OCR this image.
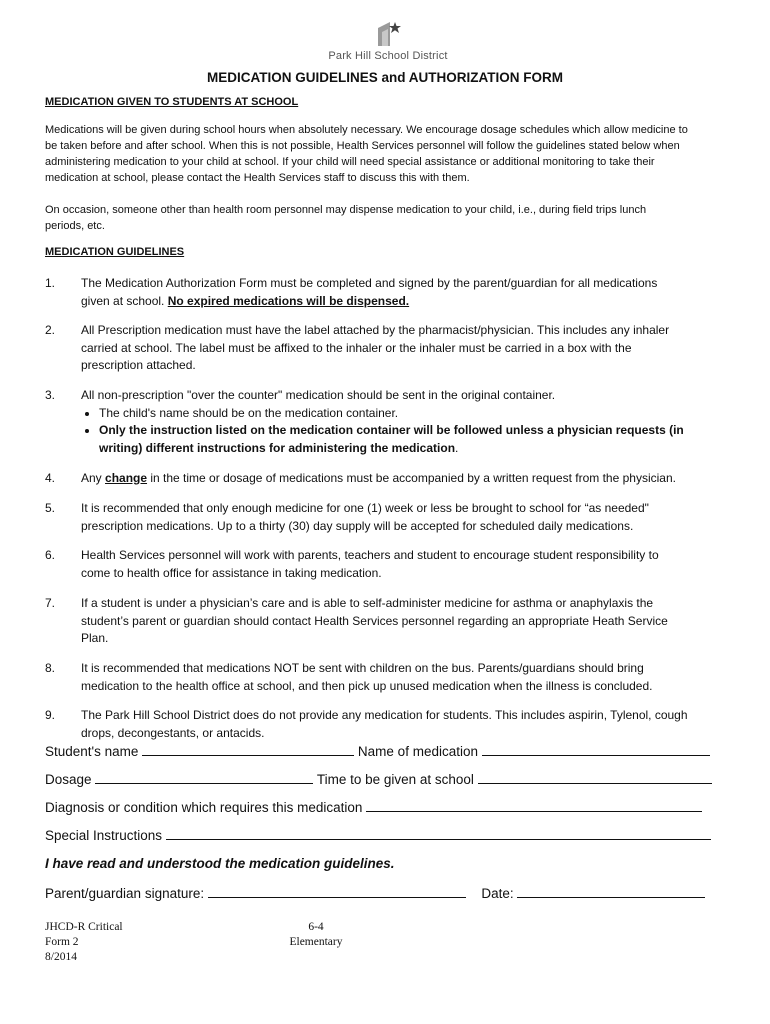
Park Hill School District
MEDICATION GUIDELINES and AUTHORIZATION FORM
MEDICATION GIVEN TO STUDENTS AT SCHOOL
Medications will be given during school hours when absolutely necessary. We encourage dosage schedules which allow medicine to
be taken before and after school. When this is not possible, Health Services personnel will follow the guidelines stated below when
administering medication to your child at school. If your child will need special assistance or additional monitoring to take their
medication at school, please contact the Health Services staff to discuss this with them.
On occasion, someone other than health room personnel may dispense medication to your child, i.e., during field trips lunch
periods, etc.
MEDICATION GUIDELINES
1. The Medication Authorization Form must be completed and signed by the parent/guardian for all medications
given at school. No expired medications will be dispensed.
2. All Prescription medication must have the label attached by the pharmacist/physician. This includes any inhaler
carried at school. The label must be affixed to the inhaler or the inhaler must be carried in a box with the
prescription attached.
3. All non-prescription "over the counter" medication should be sent in the original container.
• The child's name should be on the medication container.
• Only the instruction listed on the medication container will be followed unless a physician requests (in
writing) different instructions for administering the medication.
4. Any change in the time or dosage of medications must be accompanied by a written request from the physician.
5. It is recommended that only enough medicine for one (1) week or less be brought to school for “as needed"
prescription medications. Up to a thirty (30) day supply will be accepted for scheduled daily medications.
6. Health Services personnel will work with parents, teachers and student to encourage student responsibility to
come to health office for assistance in taking medication.
7. If a student is under a physician’s care and is able to self-administer medicine for asthma or anaphylaxis the
student’s parent or guardian should contact Health Services personnel regarding an appropriate Heath Service
Plan.
8. It is recommended that medications NOT be sent with children on the bus. Parents/guardians should bring
medication to the health office at school, and then pick up unused medication when the illness is concluded.
9. The Park Hill School District does do not provide any medication for students. This includes aspirin, Tylenol, cough
drops, decongestants, or antacids.
Student's name	Name of medication
Dosage	Time to be given at school
Diagnosis or condition which requires this medication
Special Instructions
I have read and understood the medication guidelines.
Parent/guardian signature:	Date:
JHCD-R Critical
Form 2
8/2014
6-4
Elementary
